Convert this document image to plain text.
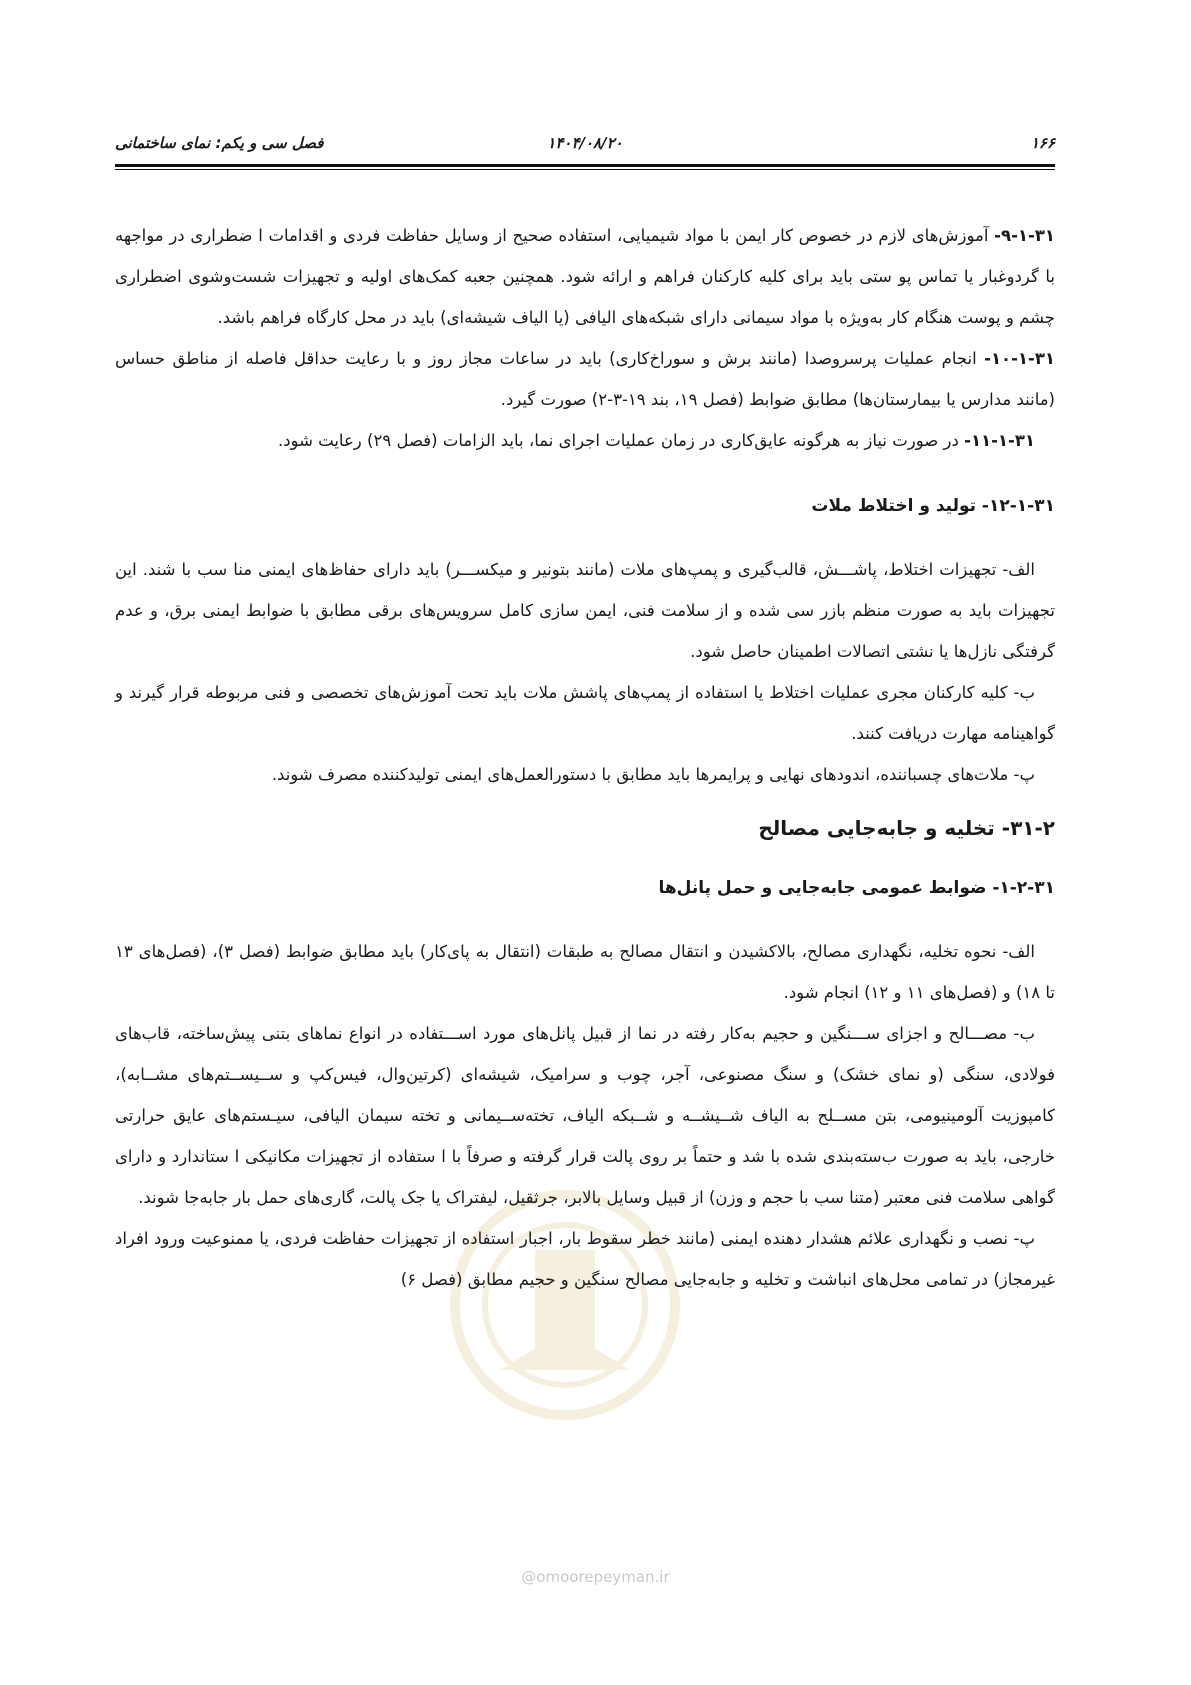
۱۶۶
۱۴۰۴/۰۸/۲۰
فصل سی و یکم: نمای ساختمانی

۹-۱-۳۱- آموزش‌های لازم در خصوص کار ایمن با مواد شیمیایی، استفاده صحیح از وسایل حفاظت فردی و اقدامات ا ضطراری در مواجهه با گردوغبار یا تماس پو ستی باید برای کلیه کارکنان فراهم و ارائه شود. همچنین جعبه کمک‌های اولیه و تجهیزات شست‌وشوی اضطراری چشم و پوست هنگام کار به‌ویژه با مواد سیمانی دارای شبکه‌های الیافی (یا الیاف شیشه‌ای) باید در محل کارگاه فراهم باشد.

۱۰-۱-۳۱- انجام عملیات پرسروصدا (مانند برش و سوراخ‌کاری) باید در ساعات مجاز روز و با رعایت حداقل فاصله از مناطق حساس (مانند مدارس یا بیمارستان‌ها) مطابق ضوابط (فصل ۱۹، بند ۱۹-۳-۲) صورت گیرد.

۱۱-۱-۳۱- در صورت نیاز به هرگونه عایق‌کاری در زمان عملیات اجرای نما، باید الزامات (فصل ۲۹) رعایت شود.

۱۲-۱-۳۱- تولید و اختلاط ملات

الف- تجهیزات اختلاط، پاشـــش، قالب‌گیری و پمپ‌های ملات (مانند بتونیر و میکســـر) باید دارای حفاظ‌های ایمنی منا سب با شند. این تجهیزات باید به صورت منظم بازر سی شده و از سلامت فنی، ایمن سازی کامل سرویس‌های برقی مطابق با ضوابط ایمنی برق، و عدم گرفتگی نازل‌ها یا نشتی اتصالات اطمینان حاصل شود.

ب- کلیه کارکنان مجری عملیات اختلاط یا استفاده از پمپ‌های پاشش ملات باید تحت آموزش‌های تخصصی و فنی مربوطه قرار گیرند و گواهینامه مهارت دریافت کنند.

پ- ملات‌های چسباننده، اندودهای نهایی و پرایمرها باید مطابق با دستورالعمل‌های ایمنی تولیدکننده مصرف شوند.

۳۱-۲- تخلیه و جابه‌جایی مصالح
۱-۲-۳۱- ضوابط عمومی جابه‌جایی و حمل پانل‌ها

الف- نحوه تخلیه، نگهداری مصالح، بالاکشیدن و انتقال مصالح به طبقات (انتقال به پای‌کار) باید مطابق ضوابط (فصل ۳)، (فصل‌های ۱۳ تا ۱۸) و (فصل‌های ۱۱ و ۱۲) انجام شود.

ب- مصـــالح و اجزای ســـنگین و حجیم به‌کار رفته در نما از قبیل پانل‌های مورد اســـتفاده در انواع نماهای بتنی پیش‌ساخته، قاب‌های فولادی، سنگی (و نمای خشک) و سنگ مصنوعی، آجر، چوب و سرامیک، شیشه‌ای (کرتین‌وال، فیس‌کپ و ســیســتم‌های مشــابه)، کامپوزیت آلومینیومی، بتن مســلح به الیاف شــیشــه و شــبکه الیاف، تخته‌ســیمانی و تخته سیمان الیافی، سیـستم‌های عایق حرارتی خارجی، باید به صورت ب‌سته‌بندی شده با شد و حتماً بر روی پالت قرار گرفته و صرفاً با ا ستفاده از تجهیزات مکانیکی ا ستاندارد و دارای گواهی سلامت فنی معتبر (متنا سب با حجم و وزن) از قبیل وسایل بالابر، جرثقیل، لیفتراک یا جک پالت، گاری‌های حمل بار جابه‌جا شوند.

پ- نصب و نگهداری علائم هشدار دهنده ایمنی (مانند خطر سقوط بار، اجبار استفاده از تجهیزات حفاظت فردی، یا ممنوعیت ورود افراد غیرمجاز) در تمامی محل‌های انباشت و تخلیه و جابه‌جایی مصالح سنگین و حجیم مطابق (فصل ۶)

@omoorepeyman.ir
